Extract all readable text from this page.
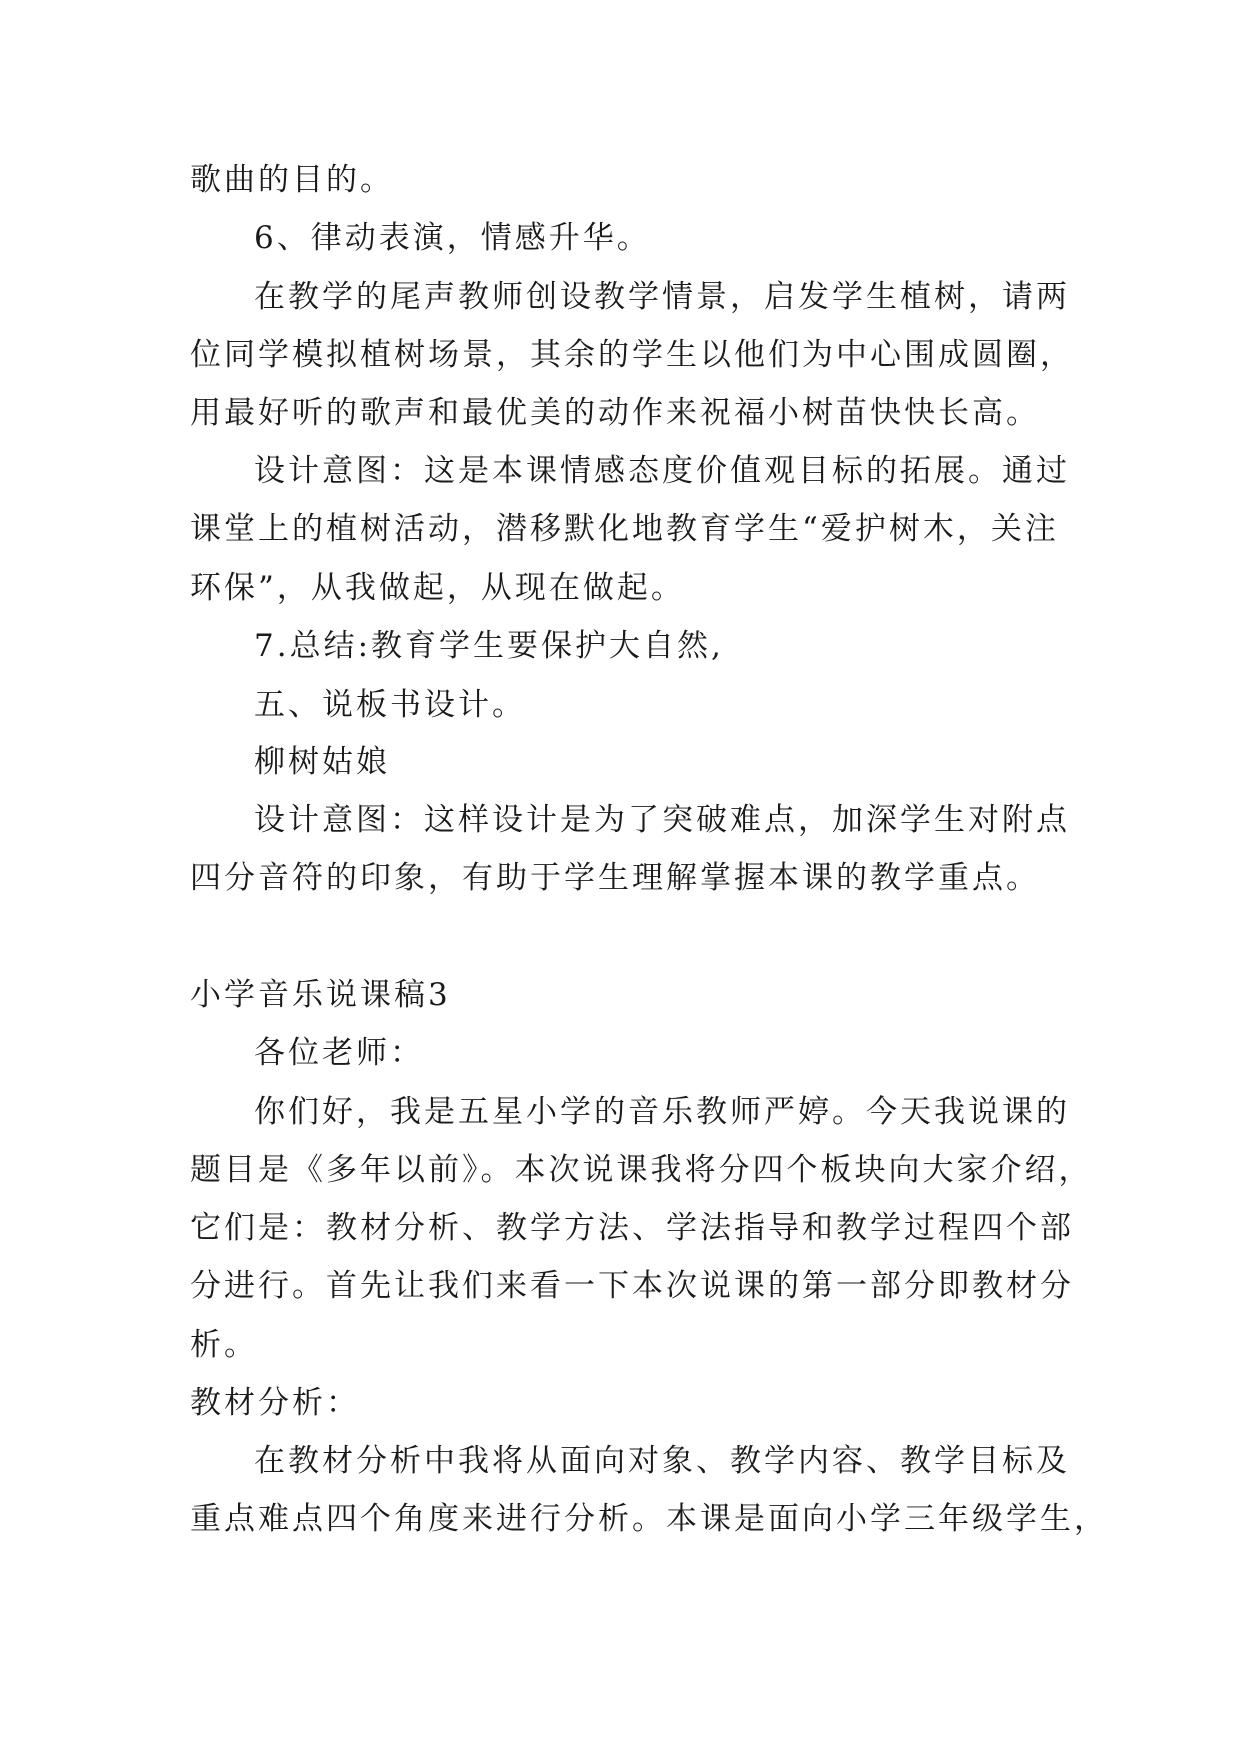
歌曲的目的。
6、律动表演，情感升华。
在教学的尾声教师创设教学情景，启发学生植树，请两
位同学模拟植树场景，其余的学生以他们为中心围成圆圈，
用最好听的歌声和最优美的动作来祝福小树苗快快长高。
设计意图：这是本课情感态度价值观目标的拓展。通过
课堂上的植树活动，潜移默化地教育学生“爱护树木，关注
环保”，从我做起，从现在做起。
7.总结:教育学生要保护大自然,
五、说板书设计。
柳树姑娘
设计意图：这样设计是为了突破难点，加深学生对附点
四分音符的印象，有助于学生理解掌握本课的教学重点。
小学音乐说课稿3
各位老师：
你们好，我是五星小学的音乐教师严婷。今天我说课的
题目是《多年以前》。本次说课我将分四个板块向大家介绍，
它们是：教材分析、教学方法、学法指导和教学过程四个部
分进行。首先让我们来看一下本次说课的第一部分即教材分
析。
教材分析：
在教材分析中我将从面向对象、教学内容、教学目标及
重点难点四个角度来进行分析。本课是面向小学三年级学生，
